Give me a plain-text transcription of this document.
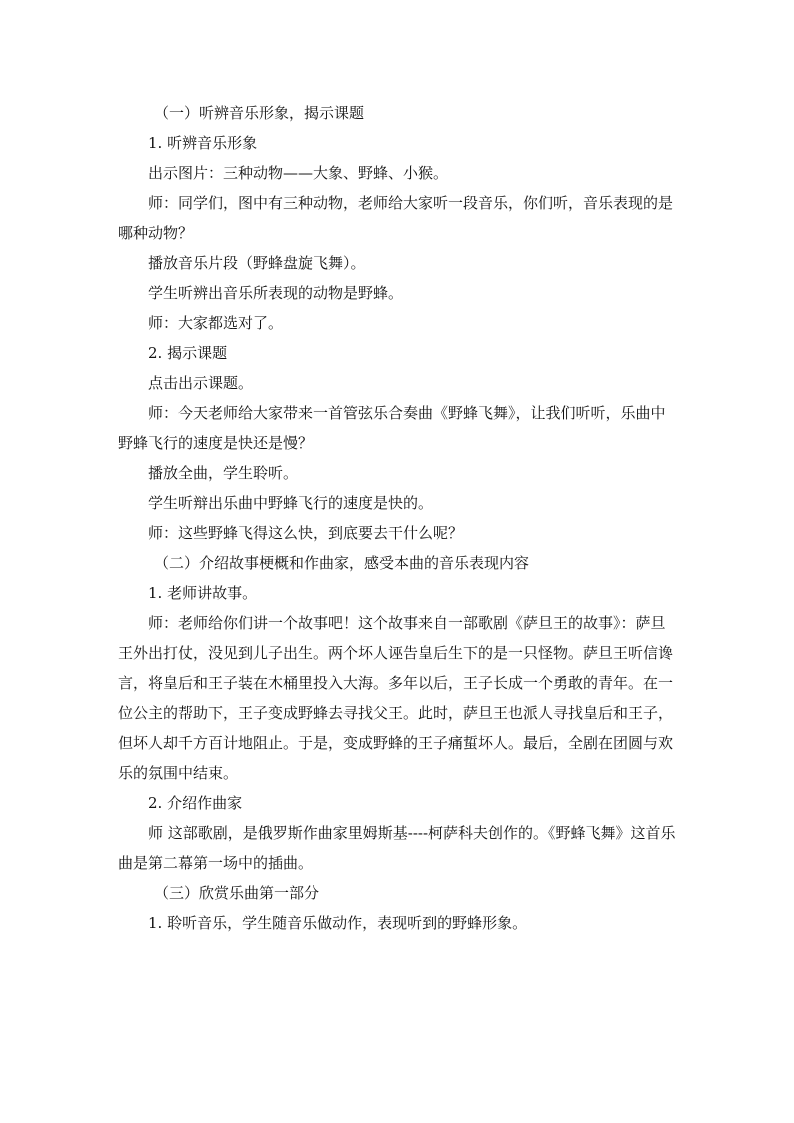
（一）听辨音乐形象，揭示课题

1. 听辨音乐形象

出示图片：三种动物——大象、野蜂、小猴。

师：同学们，图中有三种动物，老师给大家听一段音乐，你们听，音乐表现的是哪种动物？

播放音乐片段（野蜂盘旋飞舞）。

学生听辨出音乐所表现的动物是野蜂。

师：大家都选对了。

2. 揭示课题

点击出示课题。

师：今天老师给大家带来一首管弦乐合奏曲《野蜂飞舞》，让我们听听，乐曲中野蜂飞行的速度是快还是慢？

播放全曲，学生聆听。

学生听辩出乐曲中野蜂飞行的速度是快的。

师：这些野蜂飞得这么快，到底要去干什么呢？

（二）介绍故事梗概和作曲家，感受本曲的音乐表现内容

1. 老师讲故事。

师：老师给你们讲一个故事吧！这个故事来自一部歌剧《萨旦王的故事》：萨旦王外出打仗，没见到儿子出生。两个坏人诬告皇后生下的是一只怪物。萨旦王听信谗言，将皇后和王子装在木桶里投入大海。多年以后，王子长成一个勇敢的青年。在一位公主的帮助下，王子变成野蜂去寻找父王。此时，萨旦王也派人寻找皇后和王子，但坏人却千方百计地阻止。于是，变成野蜂的王子痛蜇坏人。最后，全剧在团圆与欢乐的氛围中结束。

2. 介绍作曲家

师 这部歌剧，是俄罗斯作曲家里姆斯基----柯萨科夫创作的。《野蜂飞舞》这首乐曲是第二幕第一场中的插曲。

（三）欣赏乐曲第一部分

1. 聆听音乐，学生随音乐做动作，表现听到的野蜂形象。
